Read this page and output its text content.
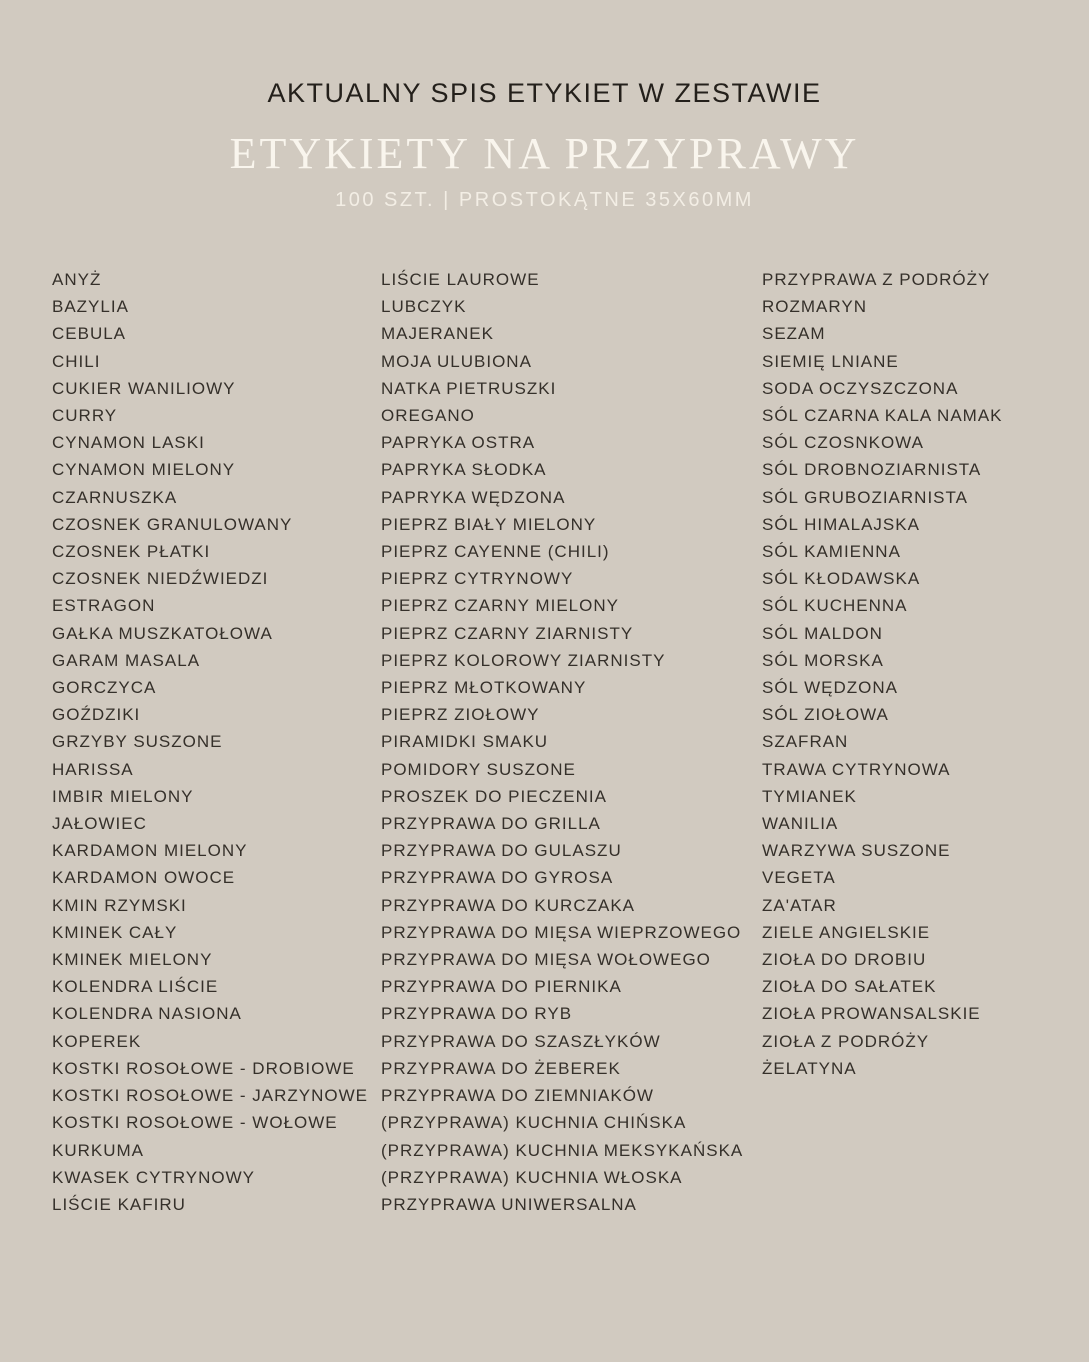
AKTUALNY SPIS ETYKIET W ZESTAWIE
ETYKIETY NA PRZYPRAWY
100 SZT. | PROSTOKĄTNE 35X60MM
ANYŻ
BAZYLIA
CEBULA
CHILI
CUKIER WANILIOWY
CURRY
CYNAMON LASKI
CYNAMON MIELONY
CZARNUSZKA
CZOSNEK GRANULOWANY
CZOSNEK PŁATKI
CZOSNEK NIEDŹWIEDZI
ESTRAGON
GAŁKA MUSZKATOŁOWA
GARAM MASALA
GORCZYCA
GOŹDZIKI
GRZYBY SUSZONE
HARISSA
IMBIR MIELONY
JAŁOWIEC
KARDAMON MIELONY
KARDAMON OWOCE
KMIN RZYMSKI
KMINEK CAŁY
KMINEK MIELONY
KOLENDRA LIŚCIE
KOLENDRA NASIONA
KOPEREK
KOSTKI ROSOŁOWE - DROBIOWE
KOSTKI ROSOŁOWE - JARZYNOWE
KOSTKI ROSOŁOWE - WOŁOWE
KURKUMA
KWASEK CYTRYNOWY
LIŚCIE KAFIRU
LIŚCIE LAUROWE
LUBCZYK
MAJERANEK
MOJA ULUBIONA
NATKA PIETRUSZKI
OREGANO
PAPRYKA OSTRA
PAPRYKA SŁODKA
PAPRYKA WĘDZONA
PIEPRZ BIAŁY MIELONY
PIEPRZ CAYENNE (CHILI)
PIEPRZ CYTRYNOWY
PIEPRZ CZARNY MIELONY
PIEPRZ CZARNY ZIARNISTY
PIEPRZ KOLOROWY ZIARNISTY
PIEPRZ MŁOTKOWANY
PIEPRZ ZIOŁOWY
PIRAMIDKI SMAKU
POMIDORY SUSZONE
PROSZEK DO PIECZENIA
PRZYPRAWA DO GRILLA
PRZYPRAWA DO GULASZU
PRZYPRAWA DO GYROSA
PRZYPRAWA DO KURCZAKA
PRZYPRAWA DO MIĘSA WIEPRZOWEGO
PRZYPRAWA DO MIĘSA WOŁOWEGO
PRZYPRAWA DO PIERNIKA
PRZYPRAWA DO RYB
PRZYPRAWA DO SZASZŁYKÓW
PRZYPRAWA DO ŻEBEREK
PRZYPRAWA DO ZIEMNIAKÓW
(PRZYPRAWA) KUCHNIA CHIŃSKA
(PRZYPRAWA) KUCHNIA MEKSYKAŃSKA
(PRZYPRAWA) KUCHNIA WŁOSKA
PRZYPRAWA UNIWERSALNA
PRZYPRAWA Z PODRÓŻY
ROZMARYN
SEZAM
SIEMIĘ LNIANE
SODA OCZYSZCZONA
SÓL CZARNA KALA NAMAK
SÓL CZOSNKOWA
SÓL DROBNOZIARNISTA
SÓL GRUBOZIARNISTA
SÓL HIMALAJSKA
SÓL KAMIENNA
SÓL KŁODAWSKA
SÓL KUCHENNA
SÓL MALDON
SÓL MORSKA
SÓL WĘDZONA
SÓL ZIOŁOWA
SZAFRAN
TRAWA CYTRYNOWA
TYMIANEK
WANILIA
WARZYWA SUSZONE
VEGETA
ZA'ATAR
ZIELE ANGIELSKIE
ZIOŁA DO DROBIU
ZIOŁA DO SAŁATEK
ZIOŁA PROWANSALSKIE
ZIOŁA Z PODRÓŻY
ŻELATYNA
